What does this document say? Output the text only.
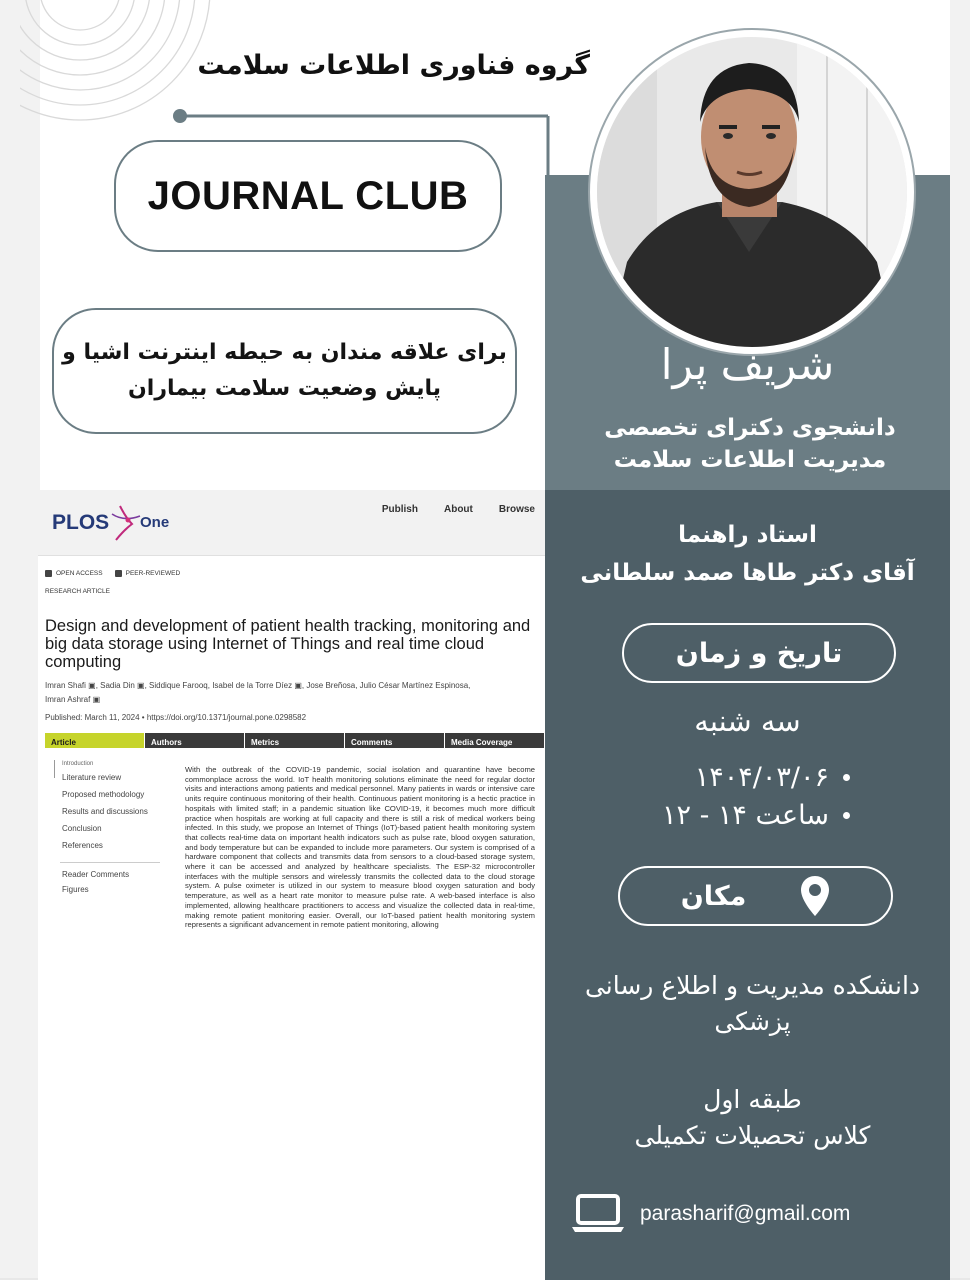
گروه فناوری اطلاعات سلامت
JOURNAL CLUB
برای علاقه مندان به حیطه اینترنت اشیا و
پایش وضعیت سلامت بیماران	شریف پرا
دانشجوی دکترای تخصصی
مدیریت اطلاعات سلامت
استاد راهنما
آقای دکتر طاها صمد سلطانی
تاریخ و زمان
سه شنبه
۱۴۰۴/۰۳/۰۶
ساعت ۱۴ - ۱۲
مکان
دانشکده مدیریت و اطلاع رسانی
پزشکی
طبقه اول
کلاس تحصیلات تکمیلی
parasharif@gmail.com
PLOS One
Publish	About	Browse
OPEN ACCESS	PEER-REVIEWED
RESEARCH ARTICLE
Design and development of patient health tracking, monitoring and big data storage using Internet of Things and real time cloud computing
Imran Shafi ▣, Sadia Din ▣, Siddique Farooq, Isabel de la Torre Díez ▣, Jose Breñosa, Julio César Martínez Espinosa,
Imran Ashraf ▣
Published: March 11, 2024 • https://doi.org/10.1371/journal.pone.0298582
Article	Authors	Metrics	Comments	Media Coverage
Introduction
Literature review
Proposed methodology
Results and discussions
Conclusion
References
Reader Comments
Figures
With the outbreak of the COVID-19 pandemic, social isolation and quarantine have become commonplace across the world. IoT health monitoring solutions eliminate the need for regular doctor visits and interactions among patients and medical personnel. Many patients in wards or intensive care units require continuous monitoring of their health. Continuous patient monitoring is a hectic practice in hospitals with limited staff; in a pandemic situation like COVID-19, it becomes much more difficult practice when hospitals are working at full capacity and there is still a risk of medical workers being infected. In this study, we propose an Internet of Things (IoT)-based patient health monitoring system that collects real-time data on important health indicators such as pulse rate, blood oxygen saturation, and body temperature but can be expanded to include more parameters. Our system is comprised of a hardware component that collects and transmits data from sensors to a cloud-based storage system, where it can be accessed and analyzed by healthcare specialists. The ESP-32 microcontroller interfaces with the multiple sensors and wirelessly transmits the collected data to the cloud storage system. A pulse oximeter is utilized in our system to measure blood oxygen saturation and body temperature, as well as a heart rate monitor to measure pulse rate. A web-based interface is also implemented, allowing healthcare practitioners to access and visualize the collected data in real-time, making remote patient monitoring easier. Overall, our IoT-based patient health monitoring system represents a significant advancement in remote patient monitoring, allowing
